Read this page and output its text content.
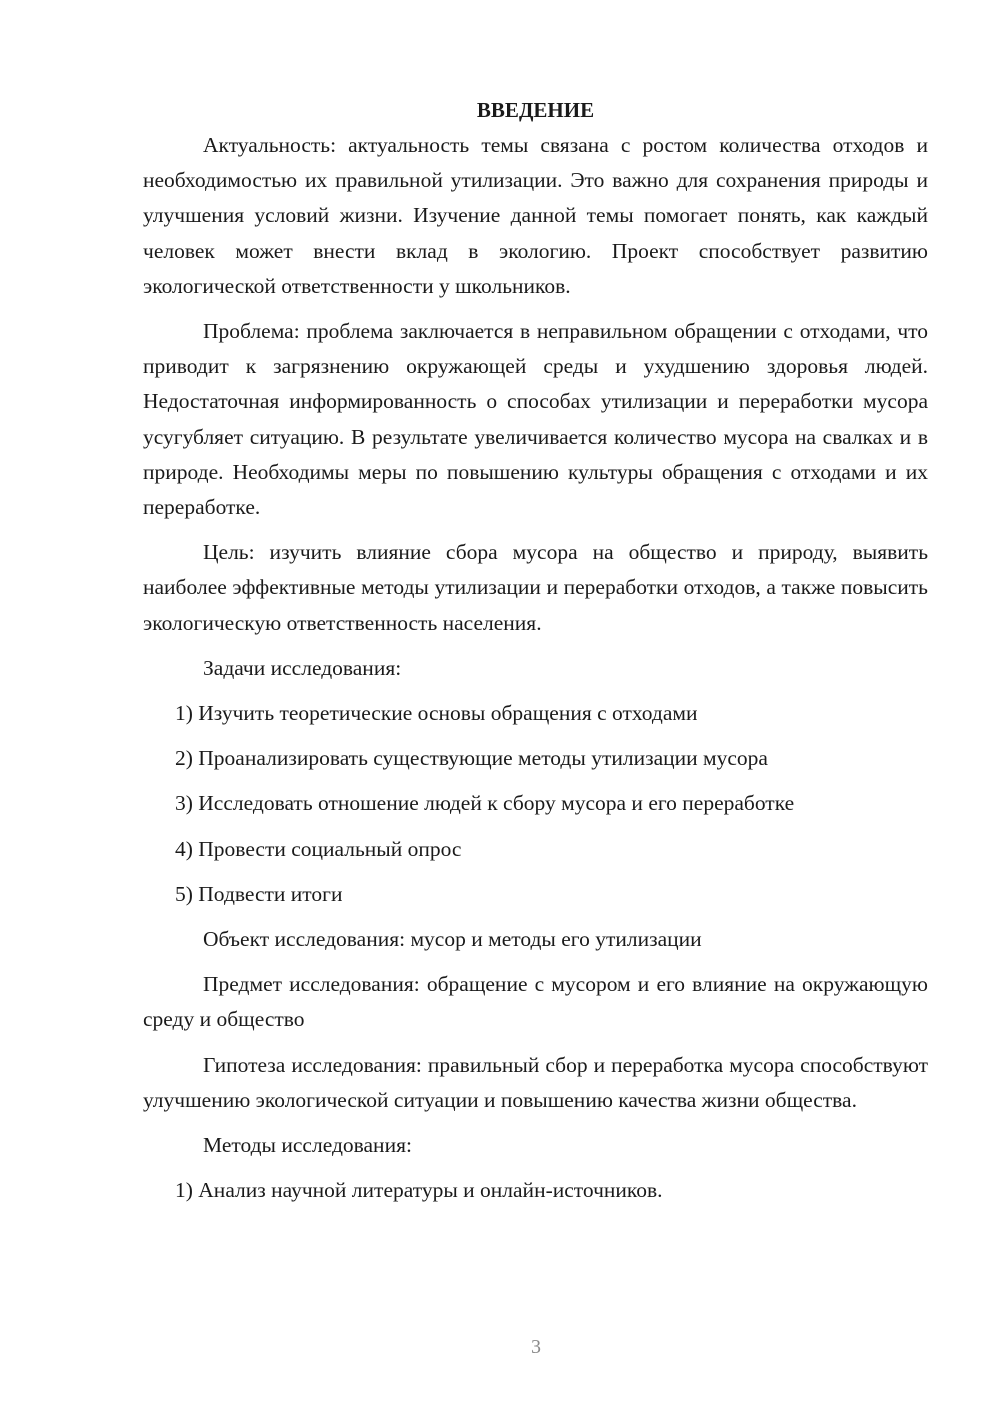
ВВЕДЕНИЕ

Актуальность: актуальность темы связана с ростом количества отходов и необходимостью их правильной утилизации. Это важно для сохранения природы и улучшения условий жизни. Изучение данной темы помогает понять, как каждый человек может внести вклад в экологию. Проект способствует развитию экологической ответственности у школьников.

Проблема: проблема заключается в неправильном обращении с отходами, что приводит к загрязнению окружающей среды и ухудшению здоровья людей. Недостаточная информированность о способах утилизации и переработки мусора усугубляет ситуацию. В результате увеличивается количество мусора на свалках и в природе. Необходимы меры по повышению культуры обращения с отходами и их переработке.

Цель: изучить влияние сбора мусора на общество и природу, выявить наиболее эффективные методы утилизации и переработки отходов, а также повысить экологическую ответственность населения.

Задачи исследования:

1) Изучить теоретические основы обращения с отходами

2) Проанализировать существующие методы утилизации мусора

3) Исследовать отношение людей к сбору мусора и его переработке

4) Провести социальный опрос

5) Подвести итоги

Объект исследования: мусор и методы его утилизации

Предмет исследования: обращение с мусором и его влияние на окружающую среду и общество

Гипотеза исследования: правильный сбор и переработка мусора способствуют улучшению экологической ситуации и повышению качества жизни общества.

Методы исследования:

1) Анализ научной литературы и онлайн-источников.

3
